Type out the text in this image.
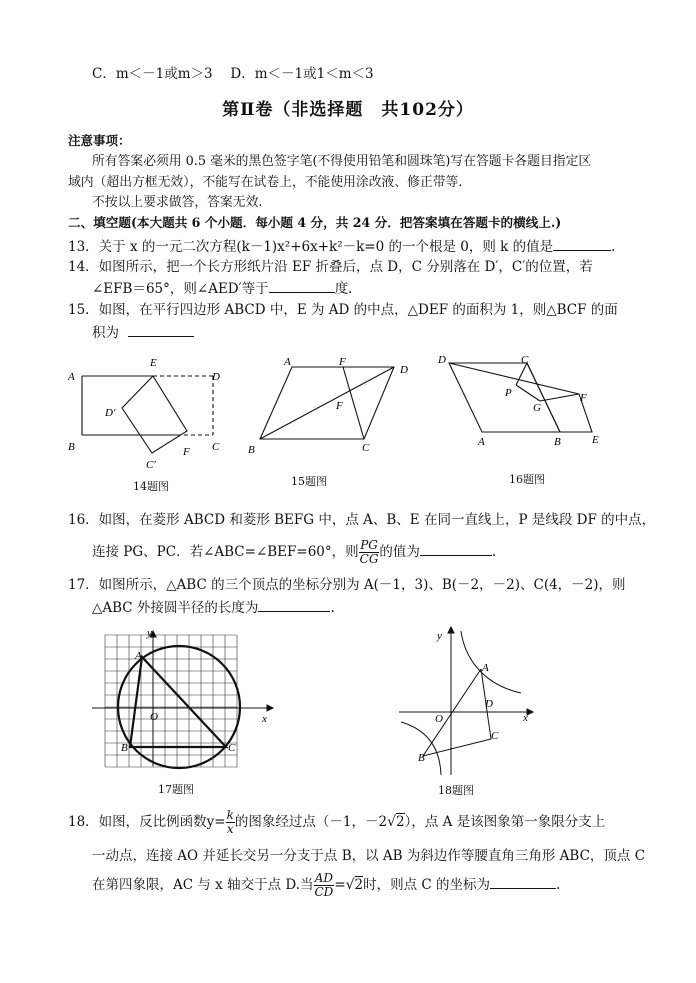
C．m＜－1或m＞3　 D．m＜－1或1＜m＜3
第Ⅱ卷（非选择题　共102分）
注意事项：
所有答案必须用 0.5 毫米的黑色签字笔(不得使用铅笔和圆珠笔)写在答题卡各题目指定区
域内（超出方框无效），不能写在试卷上，不能使用涂改液、修正带等.
不按以上要求做答，答案无效.
二、填空题(本大题共 6 个小题．每小题 4 分，共 24 分．把答案填在答题卡的横线上.)
13．关于 x 的一元二次方程(k－1)x²+6x+k²－k=0 的一个根是 0，则 k 的值是	.
14．如图所示，把一个长方形纸片沿 EF 折叠后，点 D，C 分别落在 D′，C′的位置，若
∠EFB＝65°，则∠AED′等于	度.
15．如图，在平行四边形 ABCD 中，E 为 AD 的中点，△DEF 的面积为 1，则△BCF 的面
积为
A
E
D
D′
B	F C
C′
14题图
A	F
D
F
B	C
15题图
D	C
P	F
G
A	B	E
16题图
16．如图，在菱形 ABCD 和菱形 BEFG 中，点 A、B、E 在同一直线上，P 是线段 DF 的中点，
连接 PG、PC．若∠ABC=∠BEF=60°，则 $\frac{PG}{CG}$ 的值为	.
17．如图所示，△ABC 的三个顶点的坐标分别为 A(－1，3)、B(－2，－2)、C(4，－2)，则
△ABC 外接圆半径的长度为	.
y
A
O	x
B	C
17题图
y
A
D
O	x
C
B
18题图
18．如图，反比例函数$y= \frac{k}{x}$ 的图象经过点（－1，－2√2），点 A 是该图象第一象限分支上
一动点，连接 AO 并延长交另一分支于点 B，以 AB 为斜边作等腰直角三角形 ABC，顶点 C
在第四象限，AC 与 x 轴交于点 D.当 $\frac{AD}{CD} =√2$时，则点 C 的坐标为	.
